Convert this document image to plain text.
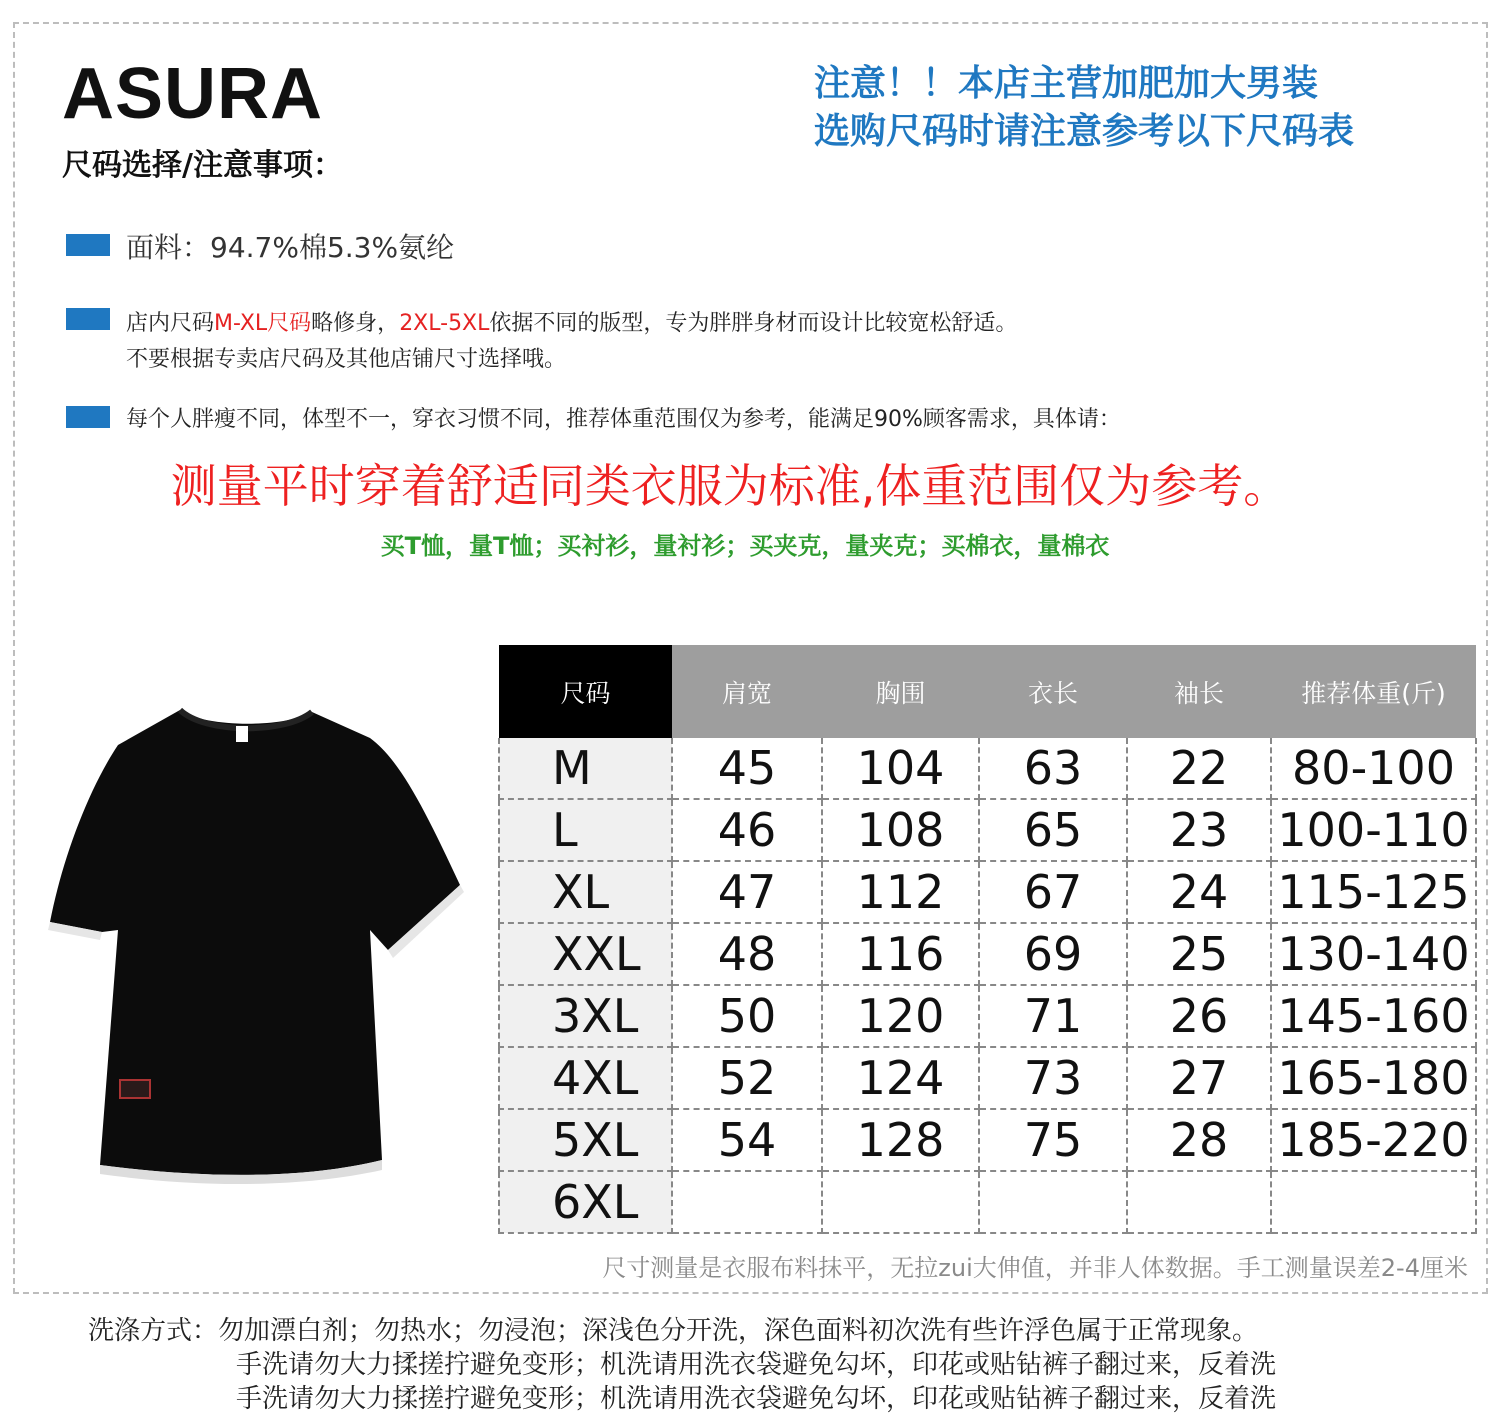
ASURA
尺码选择/注意事项：
注意！！本店主营加肥加大男装
选购尺码时请注意参考以下尺码表
面料：94.7%棉5.3%氨纶
店内尺码M-XL尺码略修身，2XL-5XL依据不同的版型，专为胖胖身材而设计比较宽松舒适。
不要根据专卖店尺码及其他店铺尺寸选择哦。
每个人胖瘦不同，体型不一，穿衣习惯不同，推荐体重范围仅为参考，能满足90%顾客需求，具体请：
测量平时穿着舒适同类衣服为标准,体重范围仅为参考。
买T恤，量T恤；买衬衫，量衬衫；买夹克，量夹克；买棉衣，量棉衣
尺码	肩宽	胸围	衣长	袖长	推荐体重(斤)
M	45	104	63	22	80-100
L	46	108	65	23	100-110
XL	47	112	67	24	115-125
XXL	48	116	69	25	130-140
3XL	50	120	71	26	145-160
4XL	52	124	73	27	165-180
5XL	54	128	75	28	185-220
6XL					
尺寸测量是衣服布料抹平，无拉zui大伸值，并非人体数据。手工测量误差2-4厘米
洗涤方式：勿加漂白剂；勿热水；勿浸泡；深浅色分开洗，深色面料初次洗有些许浮色属于正常现象。
手洗请勿大力揉搓拧避免变形；机洗请用洗衣袋避免勾坏，印花或贴钻裤子翻过来，反着洗
手洗请勿大力揉搓拧避免变形；机洗请用洗衣袋避免勾坏，印花或贴钻裤子翻过来，反着洗
